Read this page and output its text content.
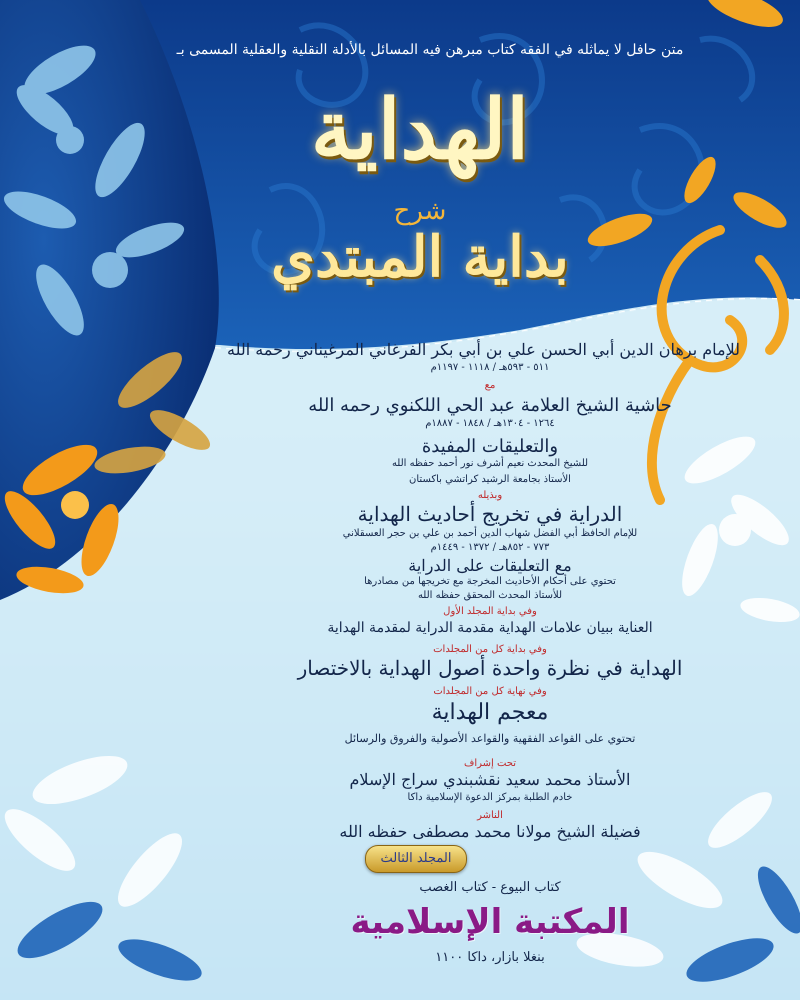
متن حافل لا يماثله في الفقه كتاب مبرهن فيه المسائل بالأدلة النقلية والعقلية المسمى بـ

الهداية

شرح

بداية المبتدي

للإمام برهان الدين أبي الحسن علي بن أبي بكر الفرغاني المرغيناني رحمه الله

٥١١ - ٥٩٣هـ / ١١١٨ - ١١٩٧م

مع

حاشية الشيخ العلامة عبد الحي اللكنوي رحمه الله

١٢٦٤ - ١٣٠٤هـ / ١٨٤٨ - ١٨٨٧م

والتعليقات المفيدة

للشيخ المحدث نعيم أشرف نور أحمد حفظه الله

الأستاذ بجامعة الرشيد كراتشي باكستان

وبذيله

الدراية في تخريج أحاديث الهداية

للإمام الحافظ أبي الفضل شهاب الدين أحمد بن علي بن حجر العسقلاني

٧٧٣ - ٨٥٢هـ / ١٣٧٢ - ١٤٤٩م

مع التعليقات على الدراية

تحتوي على أحكام الأحاديث المخرجة مع تخريجها من مصادرها

للأستاذ المحدث المحقق حفظه الله

وفي بداية المجلد الأول

العناية ببيان علامات الهداية مقدمة الدراية لمقدمة الهداية

وفي بداية كل من المجلدات

الهداية في نظرة واحدة أصول الهداية بالاختصار

وفي نهاية كل من المجلدات

معجم الهداية

تحتوي على القواعد الفقهية والقواعد الأصولية والفروق والرسائل

تحت إشراف

الأستاذ محمد سعيد نقشبندي سراج الإسلام

خادم الطلبة بمركز الدعوة الإسلامية داكا

الناشر

فضيلة الشيخ مولانا محمد مصطفى حفظه الله

المجلد الثالث

كتاب البيوع - كتاب الغصب

المكتبة الإسلامية

بنغلا بازار، داكا ١١٠٠
